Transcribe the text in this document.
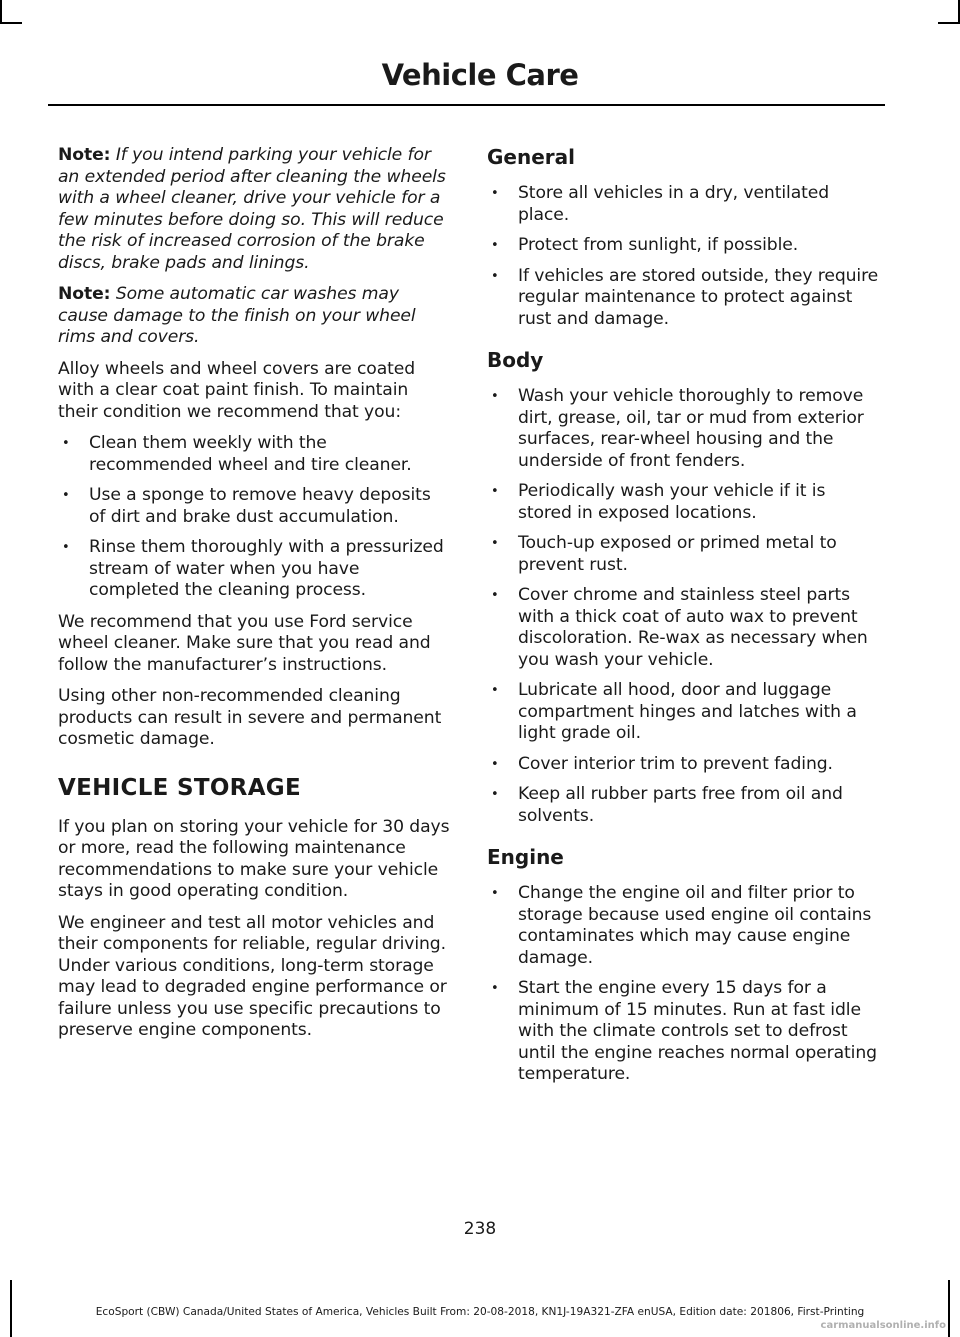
Vehicle Care

Note: If you intend parking your vehicle for an extended period after cleaning the wheels with a wheel cleaner, drive your vehicle for a few minutes before doing so. This will reduce the risk of increased corrosion of the brake discs, brake pads and linings.

Note: Some automatic car washes may cause damage to the finish on your wheel rims and covers.

Alloy wheels and wheel covers are coated with a clear coat paint finish. To maintain their condition we recommend that you:

• Clean them weekly with the recommended wheel and tire cleaner.
• Use a sponge to remove heavy deposits of dirt and brake dust accumulation.
• Rinse them thoroughly with a pressurized stream of water when you have completed the cleaning process.

We recommend that you use Ford service wheel cleaner. Make sure that you read and follow the manufacturer’s instructions.

Using other non-recommended cleaning products can result in severe and permanent cosmetic damage.

VEHICLE STORAGE

If you plan on storing your vehicle for 30 days or more, read the following maintenance recommendations to make sure your vehicle stays in good operating condition.

We engineer and test all motor vehicles and their components for reliable, regular driving. Under various conditions, long-term storage may lead to degraded engine performance or failure unless you use specific precautions to preserve engine components.

General
• Store all vehicles in a dry, ventilated place.
• Protect from sunlight, if possible.
• If vehicles are stored outside, they require regular maintenance to protect against rust and damage.
Body
• Wash your vehicle thoroughly to remove dirt, grease, oil, tar or mud from exterior surfaces, rear-wheel housing and the underside of front fenders.
• Periodically wash your vehicle if it is stored in exposed locations.
• Touch-up exposed or primed metal to prevent rust.
• Cover chrome and stainless steel parts with a thick coat of auto wax to prevent discoloration. Re-wax as necessary when you wash your vehicle.
• Lubricate all hood, door and luggage compartment hinges and latches with a light grade oil.
• Cover interior trim to prevent fading.
• Keep all rubber parts free from oil and solvents.
Engine
• Change the engine oil and filter prior to storage because used engine oil contains contaminates which may cause engine damage.
• Start the engine every 15 days for a minimum of 15 minutes. Run at fast idle with the climate controls set to defrost until the engine reaches normal operating temperature.
238
EcoSport (CBW) Canada/United States of America, Vehicles Built From: 20-08-2018, KN1J-19A321-ZFA enUSA, Edition date: 201806, First-Printing
carmanualsonline.info
